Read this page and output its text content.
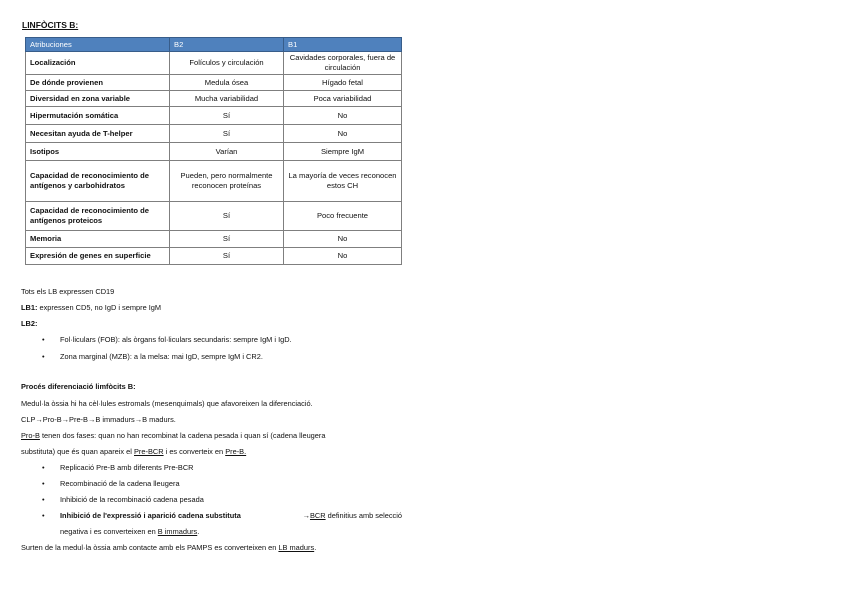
LINFÒCITS B:
Atribuciones	B2	B1
Localización	Folículos y circulación	Cavidades corporales, fuera de circulación
De dónde provienen	Medula ósea	Hígado fetal
Diversidad en zona variable	Mucha variabilidad	Poca variabilidad
Hipermutación somática	Sí	No
Necesitan ayuda de T-helper	Sí	No
Isotipos	Varían	Siempre IgM
Capacidad de reconocimiento de antígenos y carbohidratos	Pueden, pero normalmente reconocen proteínas	La mayoría de veces reconocen estos CH
Capacidad de reconocimiento de antígenos proteicos	Sí	Poco frecuente
Memoria	Sí	No
Expresión de genes en superficie	Sí	No
Tots els LB expressen CD19
LB1: expressen CD5, no IgD i sempre IgM
LB2:
• Fol·liculars (FOB): als òrgans fol·liculars secundaris: sempre IgM i IgD.
• Zona marginal (MZB): a la melsa: mai IgD, sempre IgM i CR2.
Procés diferenciació limfòcits B:
Medul·la òssia hi ha cèl·lules estromals (mesenquimals) que afavoreixen la diferenciació.
CLP→Pro-B→Pre-B→B immadurs→B madurs.
Pro-B tenen dos fases: quan no han recombinat la cadena pesada i quan sí (cadena lleugera
substituta) que és quan apareix el Pre-BCR i es converteix en Pre-B.
• Replicació Pre-B amb diferents Pre-BCR
• Recombinació de la cadena lleugera
• Inhibició de la recombinació cadena pesada
• Inhibició de l'expressió i aparició cadena substituta	→BCR definitius amb selecció
negativa i es converteixen en B immadurs.
Surten de la medul·la òssia amb contacte amb els PAMPS es converteixen en LB madurs.
